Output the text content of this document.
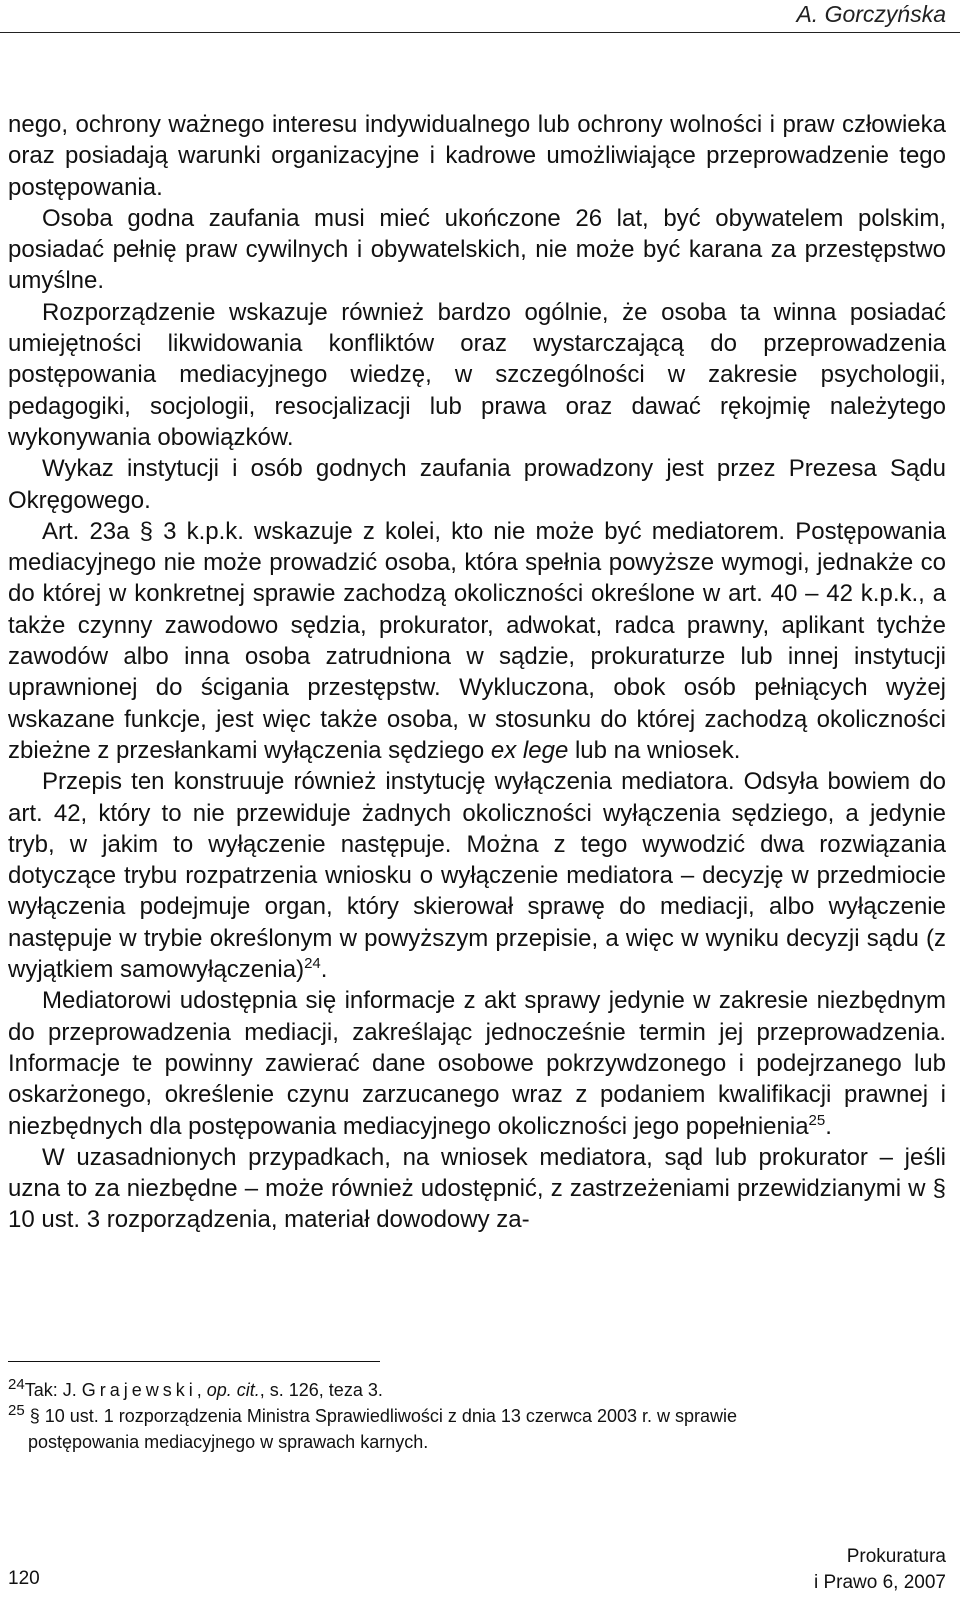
A. Gorczyńska

nego, ochrony ważnego interesu indywidualnego lub ochrony wolności i praw człowieka oraz posiadają warunki organizacyjne i kadrowe umożliwiające przeprowadzenie tego postępowania.

Osoba godna zaufania musi mieć ukończone 26 lat, być obywatelem polskim, posiadać pełnię praw cywilnych i obywatelskich, nie może być karana za przestępstwo umyślne.

Rozporządzenie wskazuje również bardzo ogólnie, że osoba ta winna posiadać umiejętności likwidowania konfliktów oraz wystarczającą do przeprowadzenia postępowania mediacyjnego wiedzę, w szczególności w zakresie psychologii, pedagogiki, socjologii, resocjalizacji lub prawa oraz dawać rękojmię należytego wykonywania obowiązków.

Wykaz instytucji i osób godnych zaufania prowadzony jest przez Prezesa Sądu Okręgowego.

Art. 23a § 3 k.p.k. wskazuje z kolei, kto nie może być mediatorem. Postępowania mediacyjnego nie może prowadzić osoba, która spełnia powyższe wymogi, jednakże co do której w konkretnej sprawie zachodzą okoliczności określone w art. 40 – 42 k.p.k., a także czynny zawodowo sędzia, prokurator, adwokat, radca prawny, aplikant tychże zawodów albo inna osoba zatrudniona w sądzie, prokuraturze lub innej instytucji uprawnionej do ścigania przestępstw. Wykluczona, obok osób pełniących wyżej wskazane funkcje, jest więc także osoba, w stosunku do której zachodzą okoliczności zbieżne z przesłankami wyłączenia sędziego ex lege lub na wniosek.

Przepis ten konstruuje również instytucję wyłączenia mediatora. Odsyła bowiem do art. 42, który to nie przewiduje żadnych okoliczności wyłączenia sędziego, a jedynie tryb, w jakim to wyłączenie następuje. Można z tego wywodzić dwa rozwiązania dotyczące trybu rozpatrzenia wniosku o wyłączenie mediatora – decyzję w przedmiocie wyłączenia podejmuje organ, który skierował sprawę do mediacji, albo wyłączenie następuje w trybie określonym w powyższym przepisie, a więc w wyniku decyzji sądu (z wyjątkiem samowyłączenia)$^{24}$.

Mediatorowi udostępnia się informacje z akt sprawy jedynie w zakresie niezbędnym do przeprowadzenia mediacji, zakreślając jednocześnie termin jej przeprowadzenia. Informacje te powinny zawierać dane osobowe pokrzywdzonego i podejrzanego lub oskarżonego, określenie czynu zarzucanego wraz z podaniem kwalifikacji prawnej i niezbędnych dla postępowania mediacyjnego okoliczności jego popełnienia$^{25}$.

W uzasadnionych przypadkach, na wniosek mediatora, sąd lub prokurator – jeśli uzna to za niezbędne – może również udostępnić, z zastrzeżeniami przewidzianymi w § 10 ust. 3 rozporządzenia, materiał dowodowy za-

$^{24}$Tak: J. Grajewski, op. cit., s. 126, teza 3.

$^{25}$ § 10 ust. 1 rozporządzenia Ministra Sprawiedliwości z dnia 13 czerwca 2003 r. w sprawie

postępowania mediacyjnego w sprawach karnych.

120
Prokuratura
i Prawo 6, 2007
